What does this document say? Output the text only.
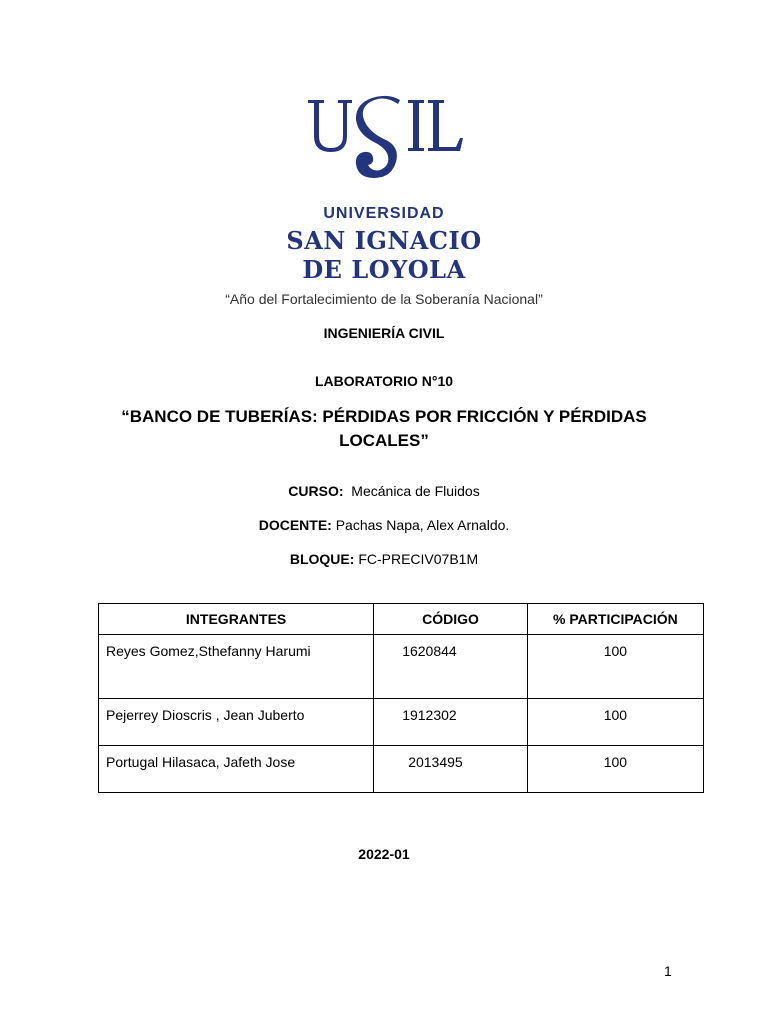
UNIVERSIDAD
SAN IGNACIO
DE LOYOLA
“Año del Fortalecimiento de la Soberanía Nacional”
INGENIERÍA CIVIL
LABORATORIO N°10
“BANCO DE TUBERÍAS: PÉRDIDAS POR FRICCIÓN Y PÉRDIDAS
LOCALES”
CURSO: Mecánica de Fluidos
DOCENTE: Pachas Napa, Alex Arnaldo.
BLOQUE: FC-PRECIV07B1M
INTEGRANTES	CÓDIGO	% PARTICIPACIÓN
Reyes Gomez,Sthefanny Harumi	1620844	100
Pejerrey Dioscris , Jean Juberto	1912302	100
Portugal Hilasaca, Jafeth Jose	2013495	100
2022-01
1
